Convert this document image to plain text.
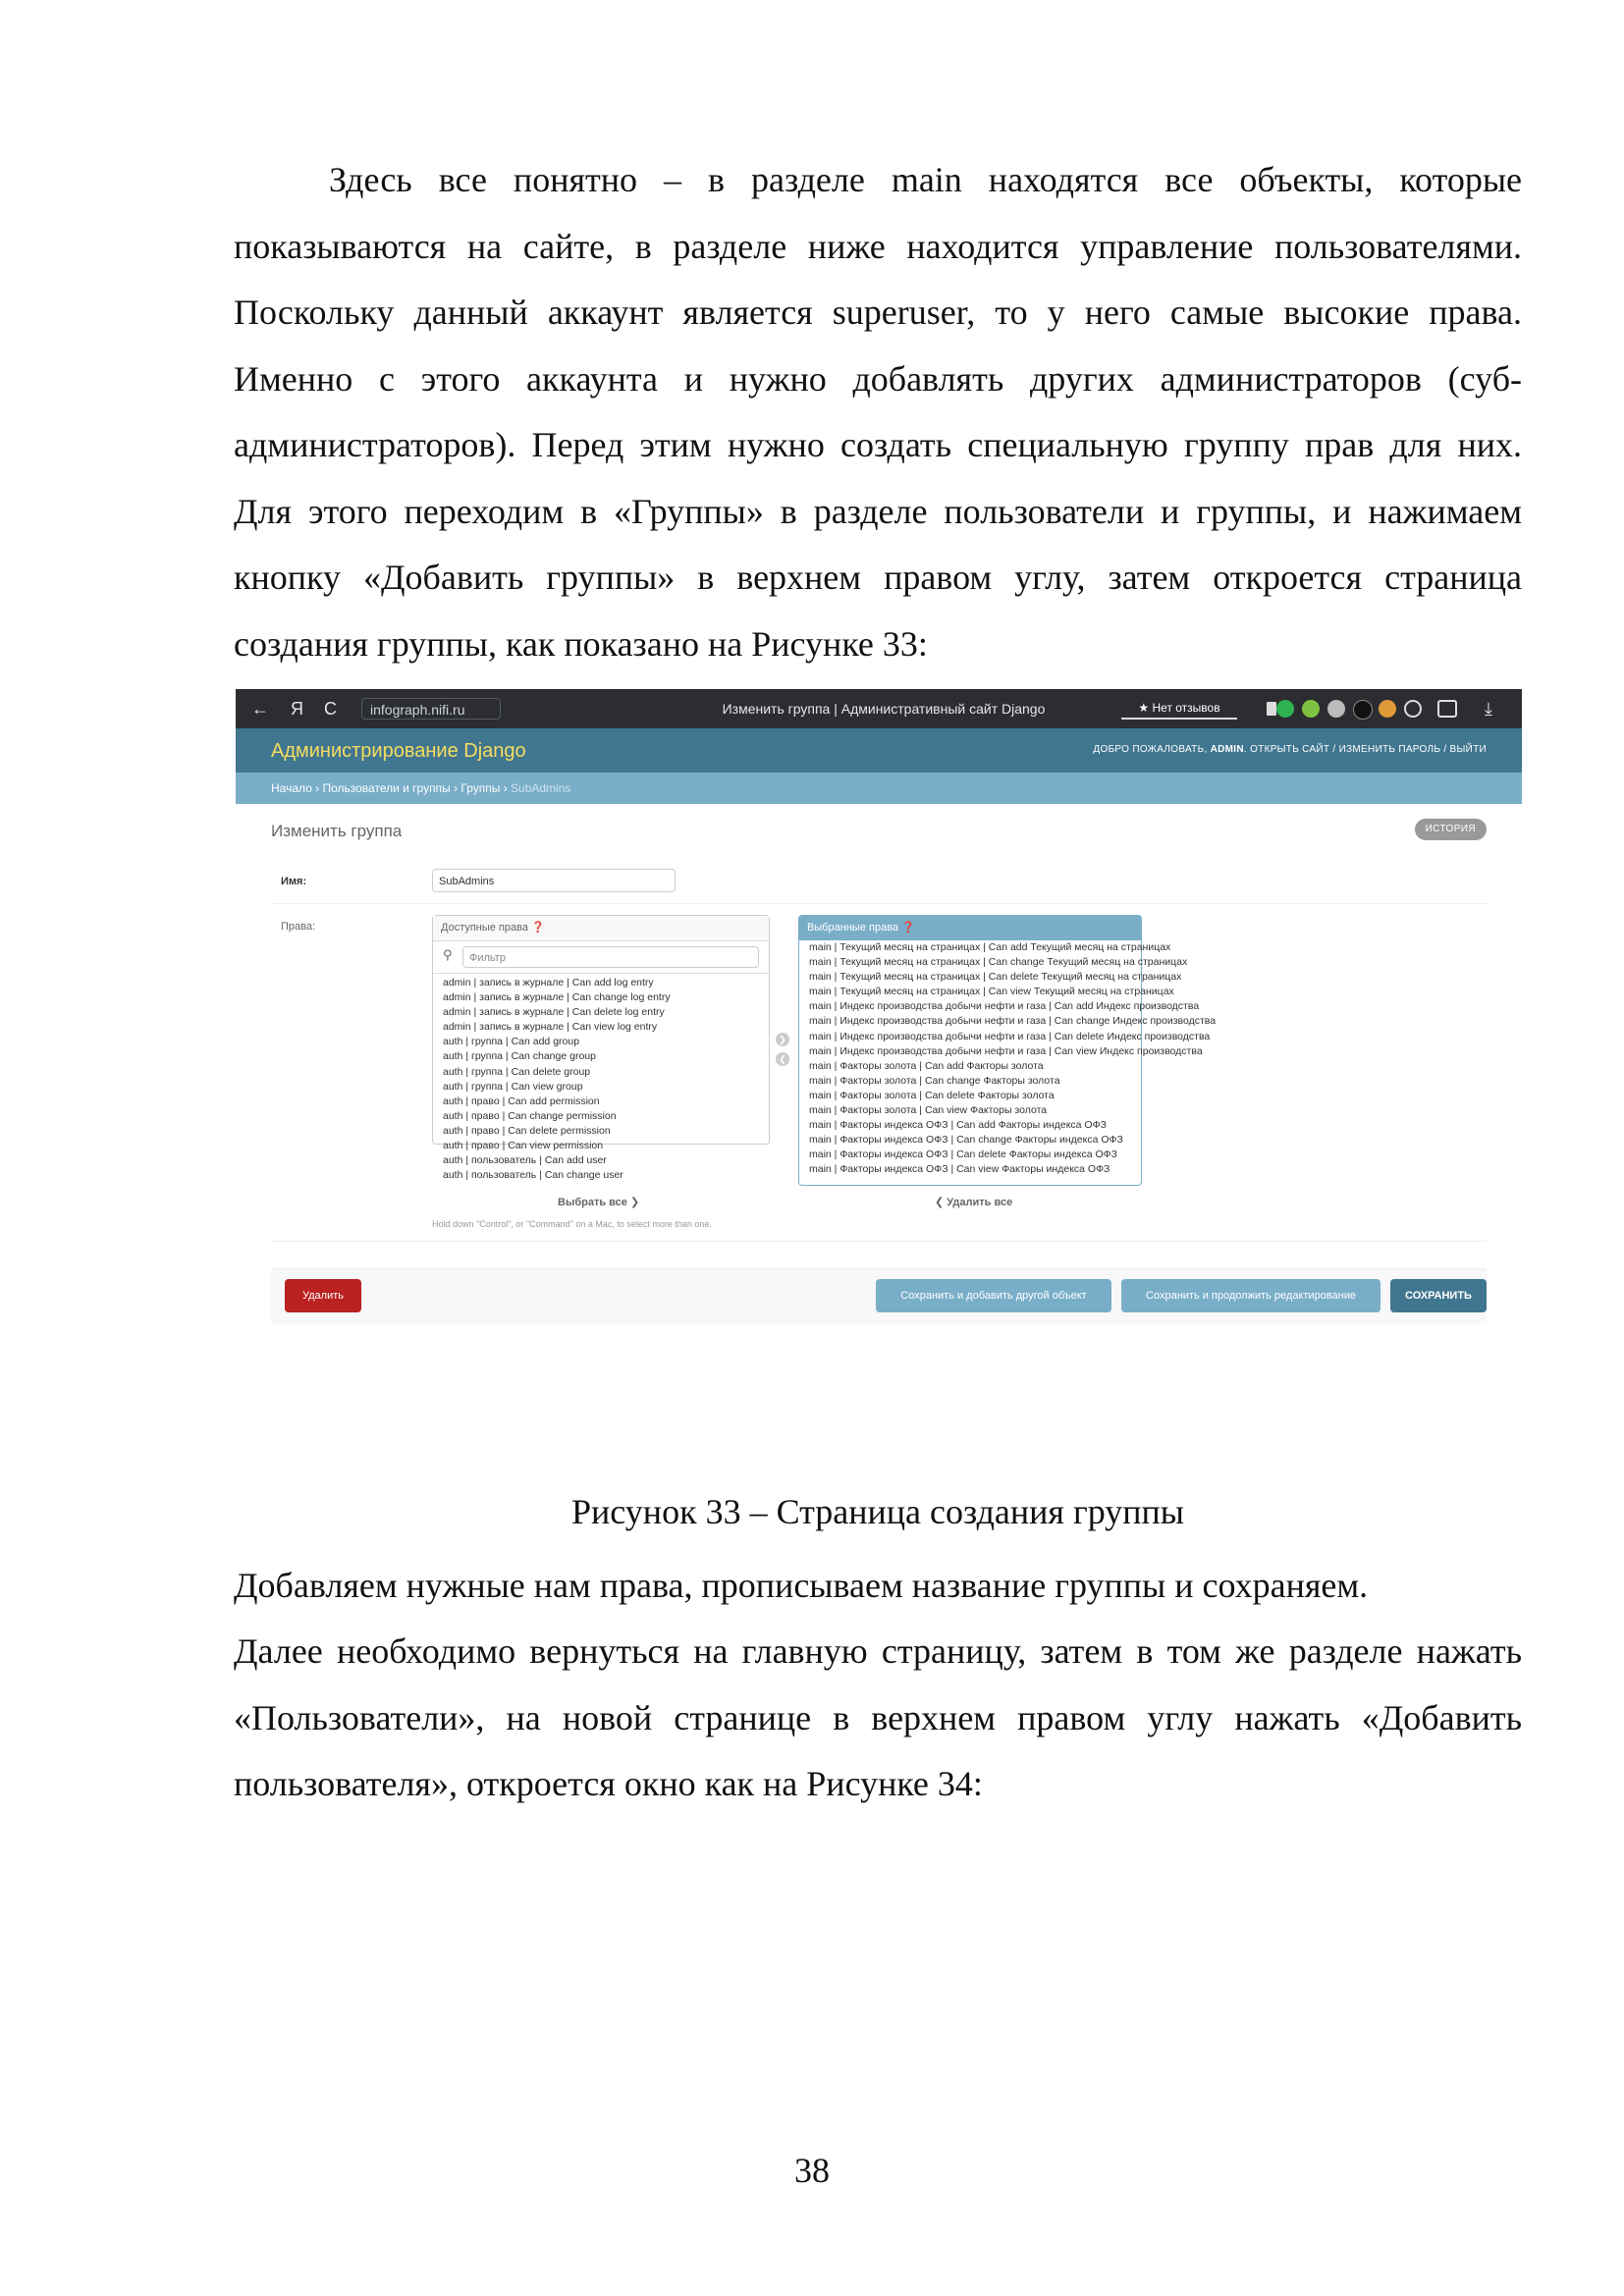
Здесь все понятно – в разделе main находятся все объекты, которые показываются на сайте, в разделе ниже находится управление пользователями. Поскольку данный аккаунт является superuser, то у него самые высокие права. Именно с этого аккаунта и нужно добавлять других администраторов (суб-администраторов). Перед этим нужно создать специальную группу прав для них. Для этого переходим в «Группы» в разделе пользователи и группы, и нажимаем кнопку «Добавить группы» в верхнем правом углу, затем откроется страница создания группы, как показано на Рисунке 33:

← Я C	infograph.nifi.ru	Изменить группа | Административный сайт Django	★ Нет отзывов	⤓
Администрирование Django	ДОБРО ПОЖАЛОВАТЬ, ADMIN. ОТКРЫТЬ САЙТ / ИЗМЕНИТЬ ПАРОЛЬ / ВЫЙТИ
Начало › Пользователи и группы › Группы › SubAdmins
Изменить группа	ИСТОРИЯ
Имя:	SubAdmins
Права:	Доступные права ❓
⚲	Фильтр
admin | запись в журнале | Can add log entry
admin | запись в журнале | Can change log entry
admin | запись в журнале | Can delete log entry
admin | запись в журнале | Can view log entry
auth | группа | Can add group
auth | группа | Can change group
auth | группа | Can delete group
auth | группа | Can view group
auth | право | Can add permission
auth | право | Can change permission
auth | право | Can delete permission
auth | право | Can view permission
auth | пользователь | Can add user
auth | пользователь | Can change user
❯
❮
Выбранные права ❓
main | Текущий месяц на страницах | Can add Текущий месяц на страницах
main | Текущий месяц на страницах | Can change Текущий месяц на страницах
main | Текущий месяц на страницах | Can delete Текущий месяц на страницах
main | Текущий месяц на страницах | Can view Текущий месяц на страницах
main | Индекс производства добычи нефти и газа | Can add Индекс производства
main | Индекс производства добычи нефти и газа | Can change Индекс производства
main | Индекс производства добычи нефти и газа | Can delete Индекс производства
main | Индекс производства добычи нефти и газа | Can view Индекс производства
main | Факторы золота | Can add Факторы золота
main | Факторы золота | Can change Факторы золота
main | Факторы золота | Can delete Факторы золота
main | Факторы золота | Can view Факторы золота
main | Факторы индекса ОФЗ | Can add Факторы индекса ОФЗ
main | Факторы индекса ОФЗ | Can change Факторы индекса ОФЗ
main | Факторы индекса ОФЗ | Can delete Факторы индекса ОФЗ
main | Факторы индекса ОФЗ | Can view Факторы индекса ОФЗ
Выбрать все ❯	❮ Удалить все
Hold down "Control", or "Command" on a Mac, to select more than one.
Удалить	Сохранить и добавить другой объект	Сохранить и продолжить редактирование	СОХРАНИТЬ
Рисунок 33 – Страница создания группы

Добавляем нужные нам права, прописываем название группы и сохраняем.

Далее необходимо вернуться на главную страницу, затем в том же разделе нажать «Пользователи», на новой странице в верхнем правом углу нажать «Добавить пользователя», откроется окно как на Рисунке 34:

38
